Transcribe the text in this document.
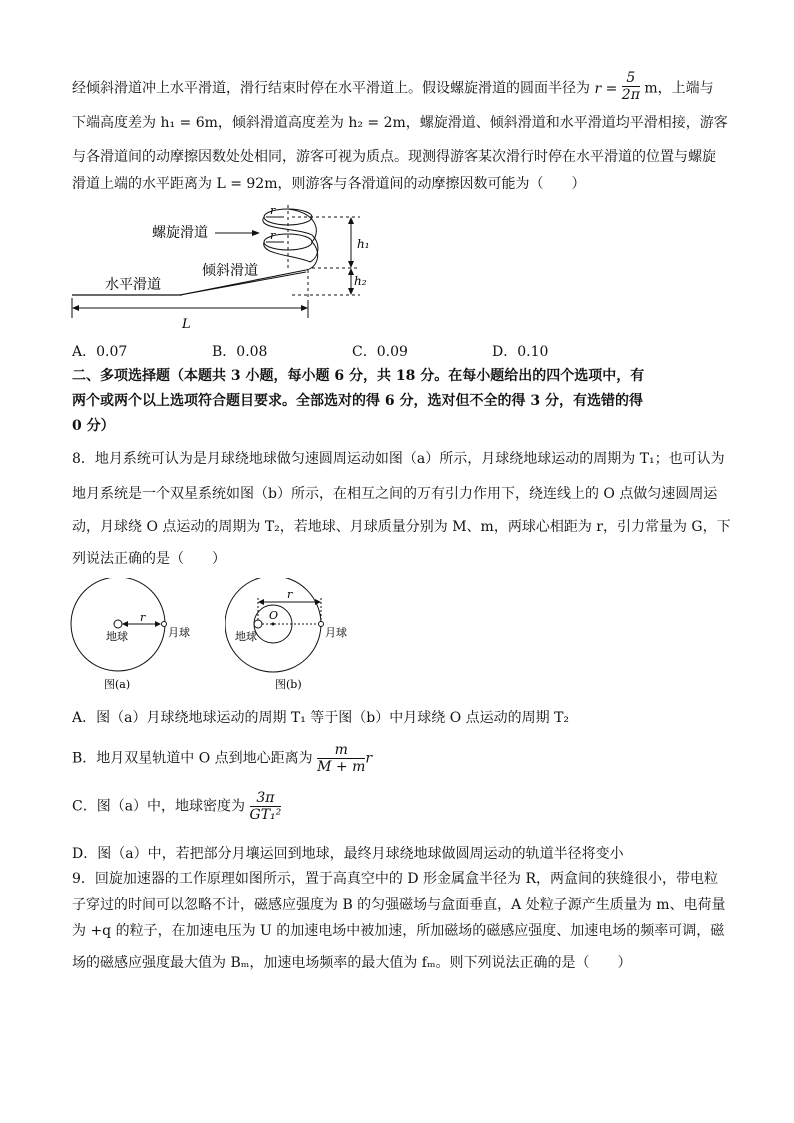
经倾斜滑道冲上水平滑道，滑行结束时停在水平滑道上。假设螺旋滑道的圆面半径为 $r = \frac{5}{2\pi}$ m，上端与
下端高度差为 h₁ = 6m，倾斜滑道高度差为 h₂ = 2m，螺旋滑道、倾斜滑道和水平滑道均平滑相接，游客
与各滑道间的动摩擦因数处处相同，游客可视为质点。现测得游客某次滑行时停在水平滑道的位置与螺旋
滑道上端的水平距离为 L = 92m，则游客与各滑道间的动摩擦因数可能为（　　）
r
r
螺旋滑道
倾斜滑道
水平滑道
h₁
h₂
L
A．0.07	B．0.08	C．0.09	D．0.10
二、多项选择题（本题共 3 小题，每小题 6 分，共 18 分。在每小题给出的四个选项中，有
两个或两个以上选项符合题目要求。全部选对的得 6 分，选对但不全的得 3 分，有选错的得
0 分）
8．地月系统可认为是月球绕地球做匀速圆周运动如图（a）所示，月球绕地球运动的周期为 T₁；也可认为
地月系统是一个双星系统如图（b）所示，在相互之间的万有引力作用下，绕连线上的 O 点做匀速圆周运
动，月球绕 O 点运动的周期为 T₂，若地球、月球质量分别为 M、m，两球心相距为 r，引力常量为 G，下
列说法正确的是（　　）
r
地球	月球
图(a)
r
O
地球	月球
图(b)
A．图（a）月球绕地球运动的周期 T₁ 等于图（b）中月球绕 O 点运动的周期 T₂
B．地月双星轨道中 O 点到地心距离为 $\frac{m}{M + m}$ r
C．图（a）中，地球密度为 $\frac{3\pi}{\text{GT₁²}}$
D．图（a）中，若把部分月壤运回到地球，最终月球绕地球做圆周运动的轨道半径将变小
9．回旋加速器的工作原理如图所示，置于高真空中的 D 形金属盒半径为 R，两盒间的狭缝很小，带电粒
子穿过的时间可以忽略不计，磁感应强度为 B 的匀强磁场与盒面垂直，A 处粒子源产生质量为 m、电荷量
为 +q 的粒子，在加速电压为 U 的加速电场中被加速，所加磁场的磁感应强度、加速电场的频率可调，磁
场的磁感应强度最大值为 Bₘ，加速电场频率的最大值为 fₘ。则下列说法正确的是（　　）
